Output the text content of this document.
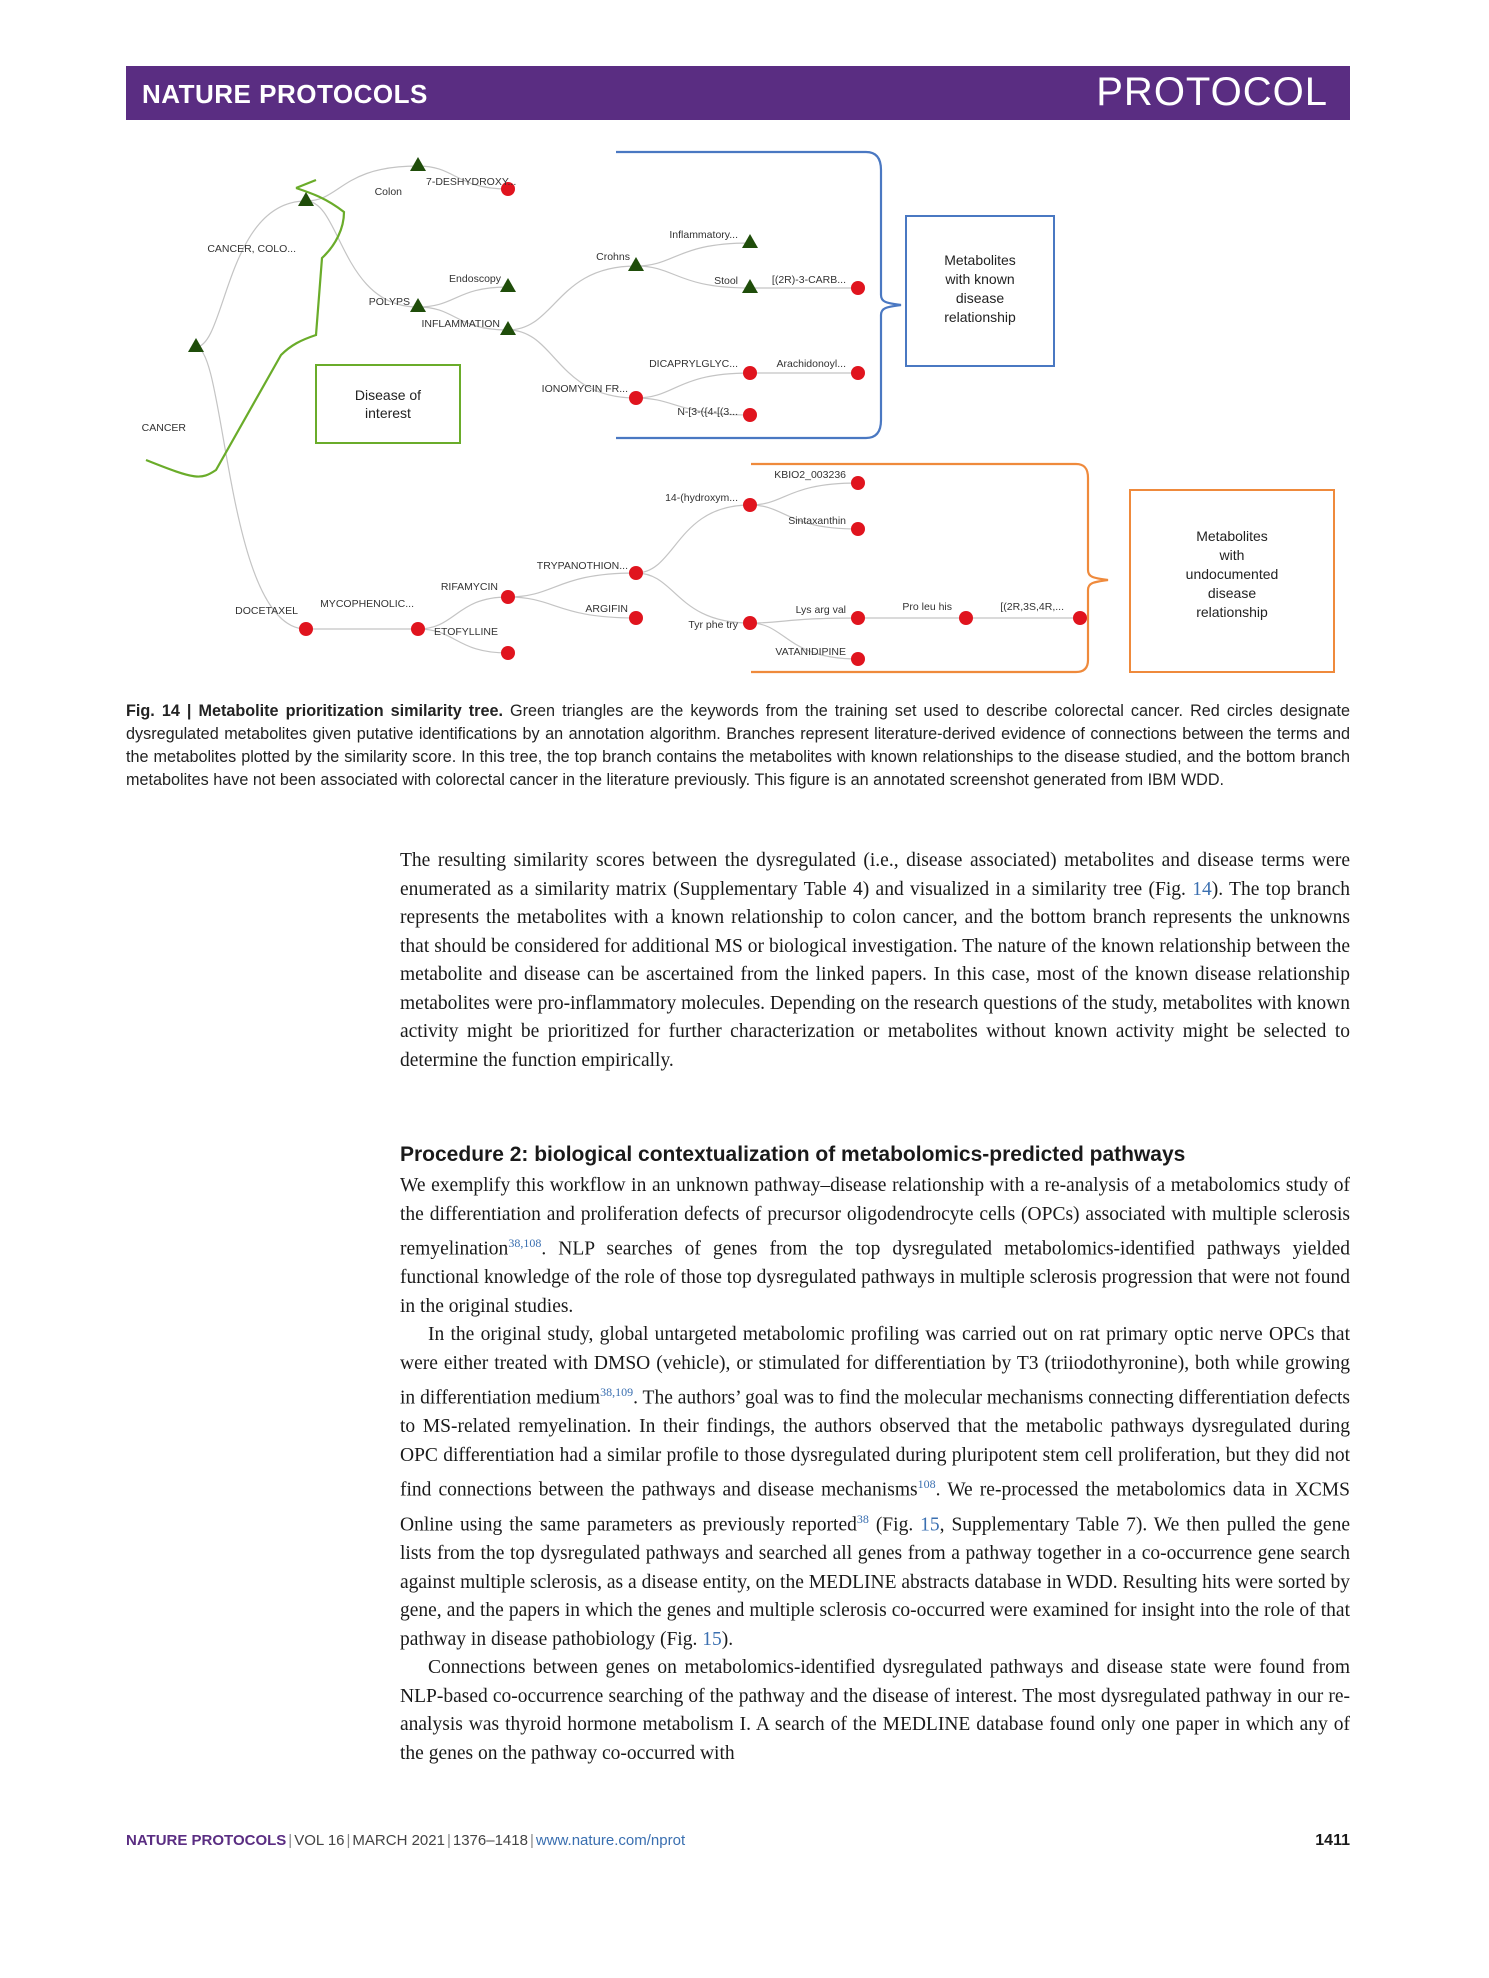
NATURE PROTOCOLS	PROTOCOL
Disease of
interest
Metabolites
with known
disease
relationship
Metabolites
with
undocumented
disease
relationship
CANCER
CANCER, COLO...
Colon
7-DESHYDROXY...
POLYPS
Endoscopy
INFLAMMATION
Crohns
Inflammatory...
Stool	[(2R)-3-CARB...
IONOMYCIN FR...
DICAPRYLGLYC...	Arachidonoyl...
N-[3-({4-[(3...
DOCETAXEL
MYCOPHENOLIC...
RIFAMYCIN
ETOFYLLINE
TRYPANOTHION...
ARGIFIN
14-(hydroxym...
KBIO2_003236
Sintaxanthin
Tyr phe try
Lys arg val	Pro leu his	[(2R,3S,4R,...
VATANIDIPINE
Fig. 14 | Metabolite prioritization similarity tree. Green triangles are the keywords from the training set used to describe colorectal cancer. Red circles designate dysregulated metabolites given putative identifications by an annotation algorithm. Branches represent literature-derived evidence of connections between the terms and the metabolites plotted by the similarity score. In this tree, the top branch contains the metabolites with known relationships to the disease studied, and the bottom branch metabolites have not been associated with colorectal cancer in the literature previously. This figure is an annotated screenshot generated from IBM WDD.

The resulting similarity scores between the dysregulated (i.e., disease associated) metabolites and disease terms were enumerated as a similarity matrix (Supplementary Table 4) and visualized in a similarity tree (Fig. 14). The top branch represents the metabolites with a known relationship to colon cancer, and the bottom branch represents the unknowns that should be considered for additional MS or biological investigation. The nature of the known relationship between the metabolite and disease can be ascertained from the linked papers. In this case, most of the known disease relationship metabolites were pro-inflammatory molecules. Depending on the research questions of the study, metabolites with known activity might be prioritized for further characterization or metabolites without known activity might be selected to determine the function empirically.

Procedure 2: biological contextualization of metabolomics-predicted pathways

We exemplify this workflow in an unknown pathway–disease relationship with a re-analysis of a metabolomics study of the differentiation and proliferation defects of precursor oligodendrocyte cells (OPCs) associated with multiple sclerosis remyelination$^{38,108}$. NLP searches of genes from the top dysregulated metabolomics-identified pathways yielded functional knowledge of the role of those top dysregulated pathways in multiple sclerosis progression that were not found in the original studies.

In the original study, global untargeted metabolomic profiling was carried out on rat primary optic nerve OPCs that were either treated with DMSO (vehicle), or stimulated for differentiation by T3 (triiodothyronine), both while growing in differentiation medium$^{38,109}$. The authors’ goal was to find the molecular mechanisms connecting differentiation defects to MS-related remyelination. In their findings, the authors observed that the metabolic pathways dysregulated during OPC differentiation had a similar profile to those dysregulated during pluripotent stem cell proliferation, but they did not find connections between the pathways and disease mechanisms$^{108}$. We re-processed the metabolomics data in XCMS Online using the same parameters as previously reported$^{38}$ (Fig. 15, Supplementary Table 7). We then pulled the gene lists from the top dysregulated pathways and searched all genes from a pathway together in a co-occurrence gene search against multiple sclerosis, as a disease entity, on the MEDLINE abstracts database in WDD. Resulting hits were sorted by gene, and the papers in which the genes and multiple sclerosis co-occurred were examined for insight into the role of that pathway in disease pathobiology (Fig. 15).

Connections between genes on metabolomics-identified dysregulated pathways and disease state were found from NLP-based co-occurrence searching of the pathway and the disease of interest. The most dysregulated pathway in our re-analysis was thyroid hormone metabolism I. A search of the MEDLINE database found only one paper in which any of the genes on the pathway co-occurred with

NATURE PROTOCOLS | VOL 16 | MARCH 2021 | 1376–1418 | www.nature.com/nprot	1411
